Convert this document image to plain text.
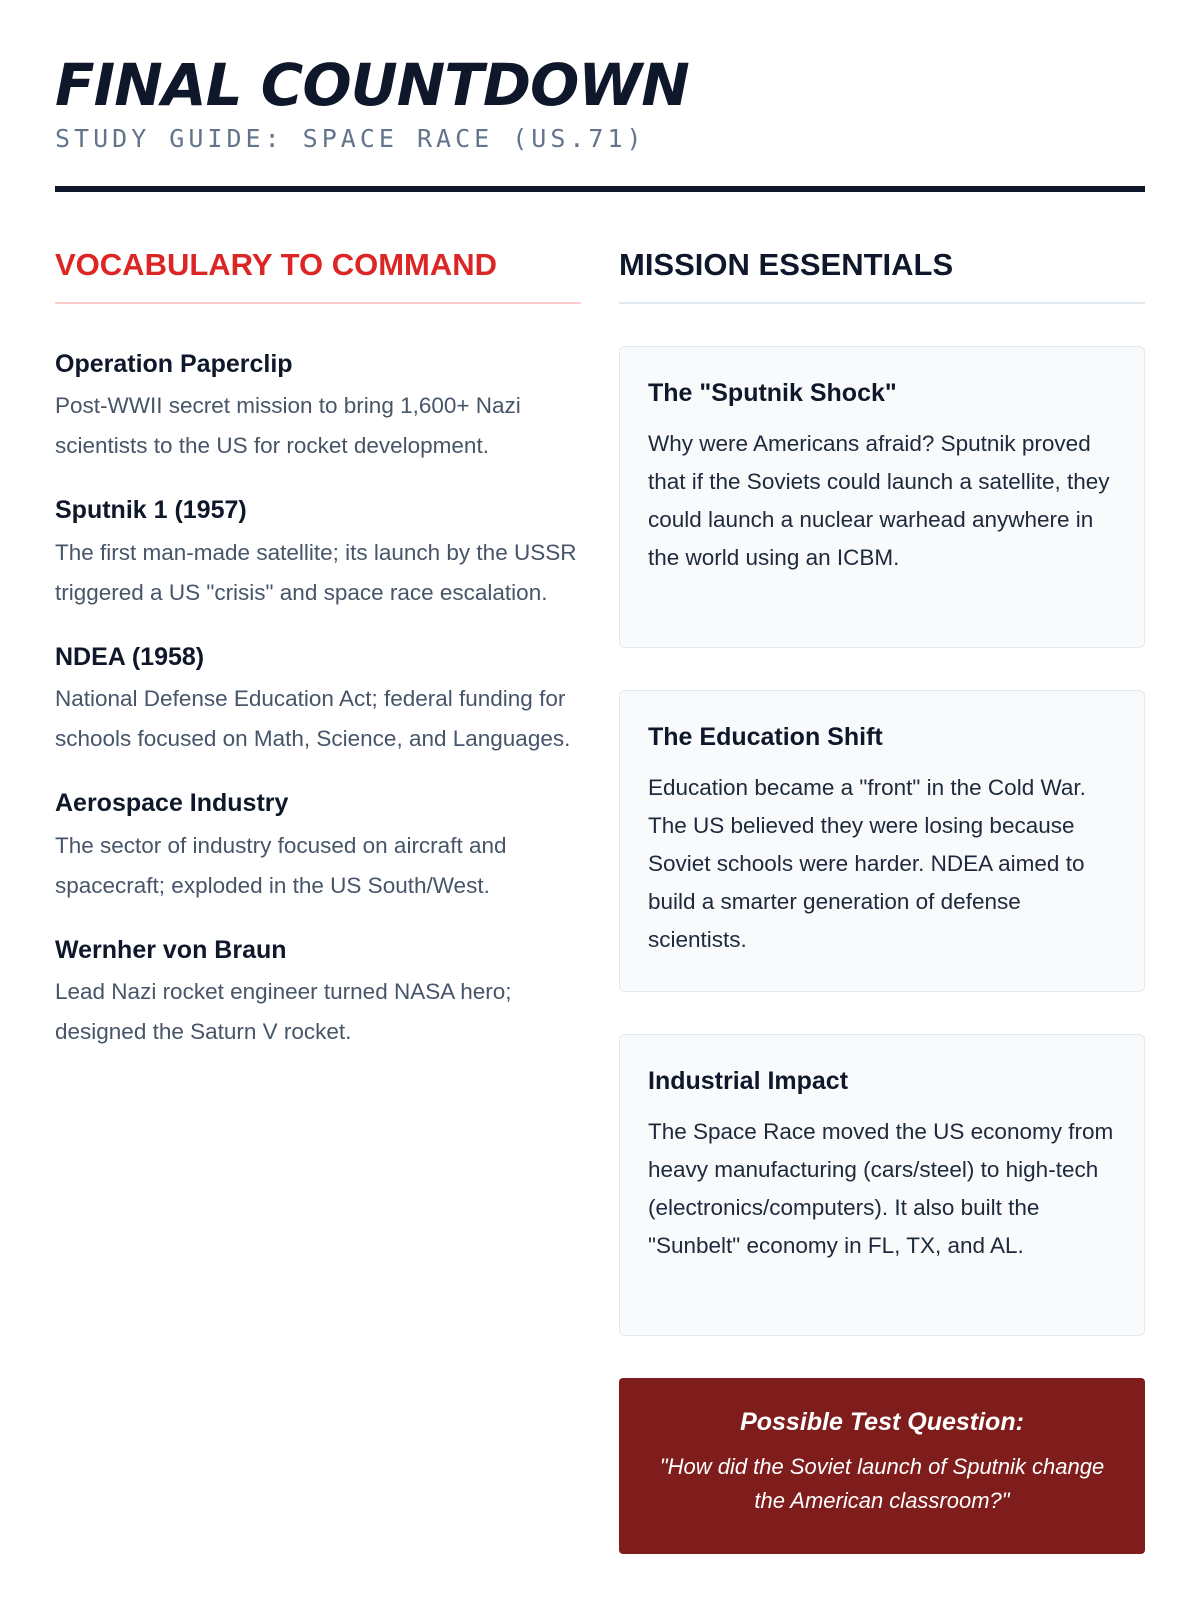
FINAL COUNTDOWN
STUDY GUIDE: SPACE RACE (US.71)
VOCABULARY TO COMMAND
Operation Paperclip
Post-WWII secret mission to bring 1,600+ Nazi scientists to the US for rocket development.
Sputnik 1 (1957)
The first man-made satellite; its launch by the USSR triggered a US "crisis" and space race escalation.
NDEA (1958)
National Defense Education Act; federal funding for schools focused on Math, Science, and Languages.
Aerospace Industry
The sector of industry focused on aircraft and spacecraft; exploded in the US South/West.
Wernher von Braun
Lead Nazi rocket engineer turned NASA hero; designed the Saturn V rocket.
MISSION ESSENTIALS
The "Sputnik Shock"
Why were Americans afraid? Sputnik proved that if the Soviets could launch a satellite, they could launch a nuclear warhead anywhere in the world using an ICBM.
The Education Shift
Education became a "front" in the Cold War. The US believed they were losing because Soviet schools were harder. NDEA aimed to build a smarter generation of defense scientists.
Industrial Impact
The Space Race moved the US economy from heavy manufacturing (cars/steel) to high-tech (electronics/computers). It also built the "Sunbelt" economy in FL, TX, and AL.
Possible Test Question:
"How did the Soviet launch of Sputnik change the American classroom?"
